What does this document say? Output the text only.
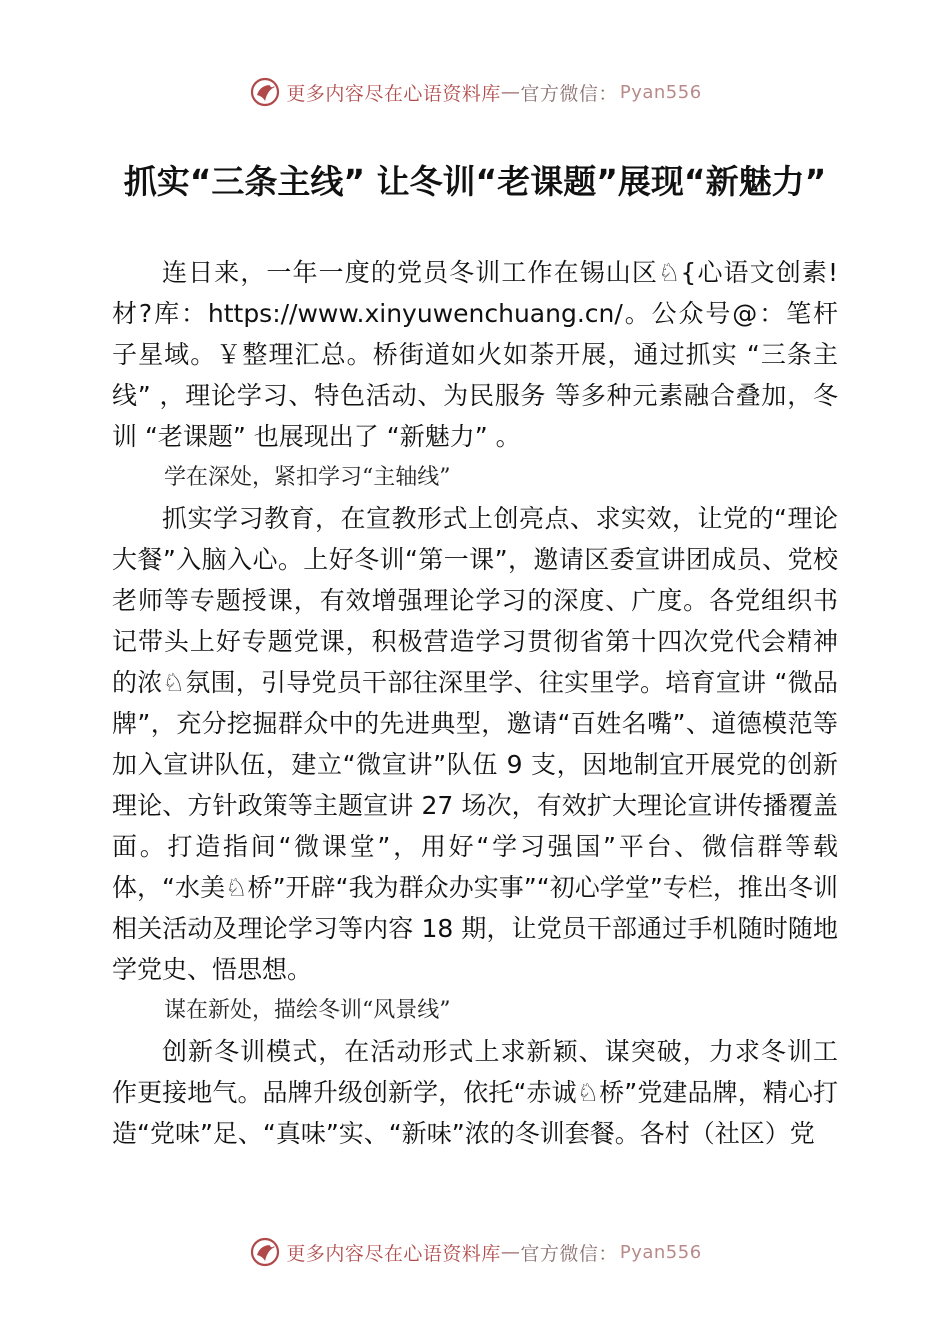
更多内容尽在心语资料库 — 官方微信： Pyan556
抓实“三条主线” 让冬训“老课题”展现“新魅力”

连日来，一年一度的党员冬训工作在锡山区♘{心语文创素!材?库：https://www.xinyuwenchuang.cn/。公众号@：笔杆子星域。￥整理汇总。桥街道如火如荼开展，通过抓实 “三条主线” ，理论学习、特色活动、为民服务 等多种元素融合叠加，冬训 “老课题” 也展现出了 “新魅力” 。

学在深处，紧扣学习“主轴线”

抓实学习教育，在宣教形式上创亮点、求实效，让党的“理论大餐”入脑入心。上好冬训“第一课”，邀请区委宣讲团成员、党校老师等专题授课，有效增强理论学习的深度、广度。各党组织书 记带头上好专题党课，积极营造学习贯彻省第十四次党代会精神 的浓♘氛围，引导党员干部往深里学、往实里学。培育宣讲 “微品牌”，充分挖掘群众中的先进典型，邀请“百姓名嘴”、道德模范等加入宣讲队伍，建立“微宣讲”队伍 9 支，因地制宜开展党的创新理论、方针政策等主题宣讲 27 场次，有效扩大理论宣讲传播覆盖面。打造指间“微课堂”，用好“学习强国”平台、微信群等载体，“水美♘桥”开辟“我为群众办实事”“初心学堂”专栏，推出冬训相关活动及理论学习等内容 18 期，让党员干部通过手机随时随地学党史、悟思想。

谋在新处，描绘冬训“风景线”

创新冬训模式，在活动形式上求新颖、谋突破，力求冬训工 作更接地气。品牌升级创新学，依托“赤诚♘桥”党建品牌，精心打造“党味”足、“真味”实、“新味”浓的冬训套餐。各村（社区）党

更多内容尽在心语资料库 — 官方微信： Pyan556
